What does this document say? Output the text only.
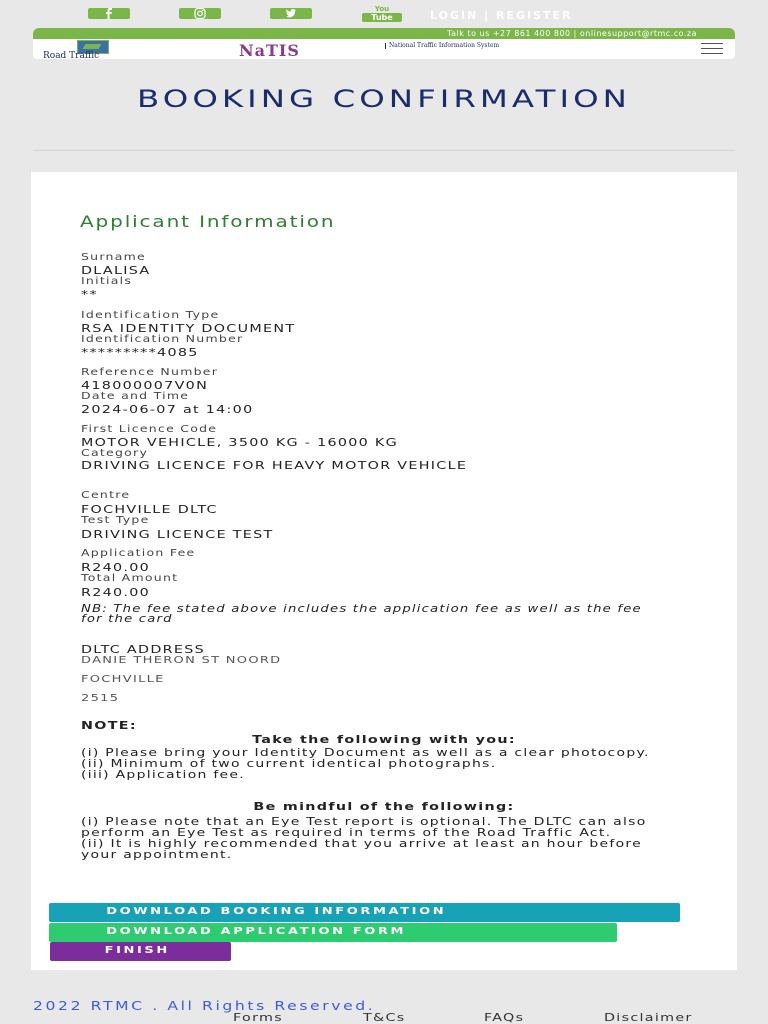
You
Tube	LOGIN | REGISTER
Talk to us +27 861 400 800 | onlinesupport@rtmc.co.za
Road Traffic	NaTIS	National Traffic Information System
BOOKING CONFIRMATION
Applicant Information
Surname
DLALISA
Initials
**
Identification Type
RSA IDENTITY DOCUMENT
Identification Number
*********4085
Reference Number
418000007V0N
Date and Time
2024-06-07 at 14:00
First Licence Code
MOTOR VEHICLE, 3500 KG - 16000 KG
Category
DRIVING LICENCE FOR HEAVY MOTOR VEHICLE
Centre
FOCHVILLE DLTC
Test Type
DRIVING LICENCE TEST
Application Fee
R240.00
Total Amount
R240.00
NB: The fee stated above includes the application fee as well as the fee for the card
DLTC ADDRESS
DANIE THERON ST NOORD
FOCHVILLE
2515
NOTE:
Take the following with you:
(i) Please bring your Identity Document as well as a clear photocopy.
(ii) Minimum of two current identical photographs.
(iii) Application fee.
Be mindful of the following:
(i) Please note that an Eye Test report is optional. The DLTC can also perform an Eye Test as required in terms of the Road Traffic Act.
(ii) It is highly recommended that you arrive at least an hour before your appointment.
DOWNLOAD BOOKING INFORMATION
DOWNLOAD APPLICATION FORM
FINISH
2022 RTMC . All Rights Reserved.
Forms	T&Cs	FAQs	Disclaimer
